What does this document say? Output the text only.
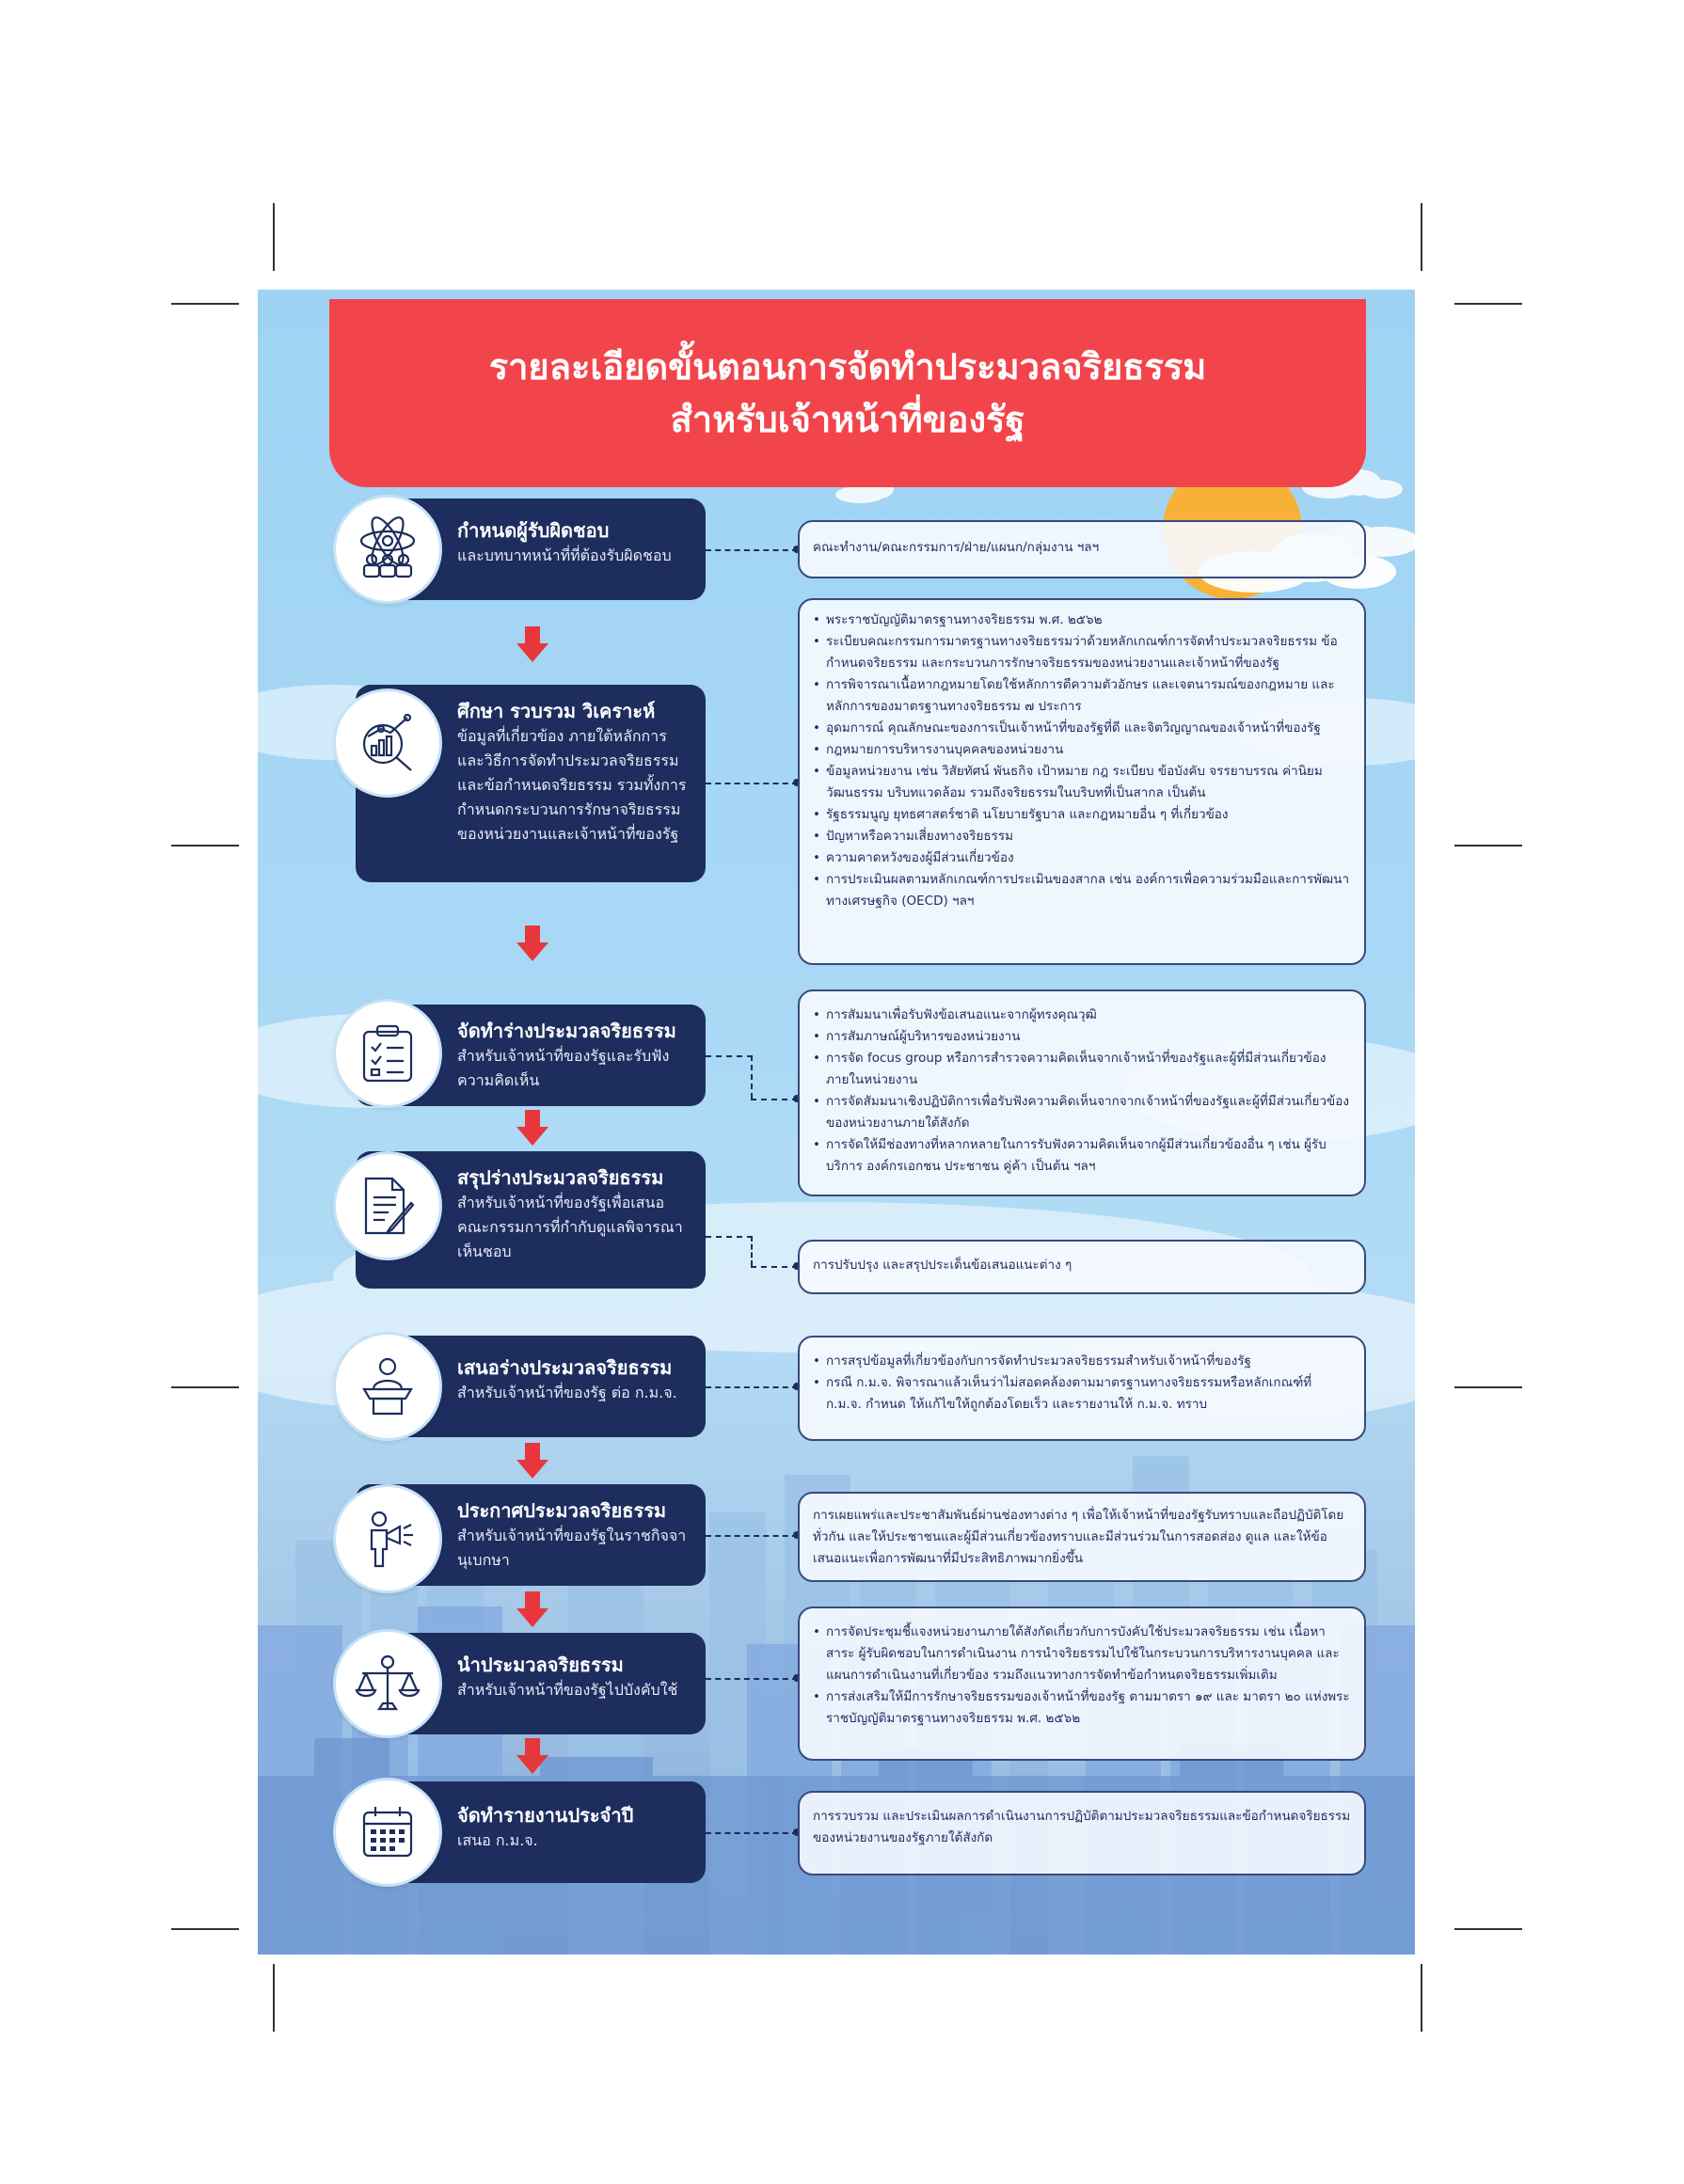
รายละเอียดขั้นตอนการจัดทำประมวลจริยธรรม
สำหรับเจ้าหน้าที่ของรัฐ
กำหนดผู้รับผิดชอบ
และบทบาทหน้าที่ที่ต้องรับผิดชอบ	คณะทำงาน/คณะกรรมการ/ฝ่าย/แผนก/กลุ่มงาน ฯลฯ
ศึกษา รวบรวม วิเคราะห์
ข้อมูลที่เกี่ยวข้อง ภายใต้หลักการและวิธีการจัดทำประมวลจริยธรรมและข้อกำหนดจริยธรรม รวมทั้งการกำหนดกระบวนการรักษาจริยธรรมของหน่วยงานและเจ้าหน้าที่ของรัฐ
• พระราชบัญญัติมาตรฐานทางจริยธรรม พ.ศ. ๒๕๖๒
• ระเบียบคณะกรรมการมาตรฐานทางจริยธรรมว่าด้วยหลักเกณฑ์การจัดทำประมวลจริยธรรม ข้อกำหนดจริยธรรม และกระบวนการรักษาจริยธรรมของหน่วยงานและเจ้าหน้าที่ของรัฐ
• การพิจารณาเนื้อหากฎหมายโดยใช้หลักการตีความตัวอักษร และเจตนารมณ์ของกฎหมาย และหลักการของมาตรฐานทางจริยธรรม ๗ ประการ
• อุดมการณ์ คุณลักษณะของการเป็นเจ้าหน้าที่ของรัฐที่ดี และจิตวิญญาณของเจ้าหน้าที่ของรัฐ
• กฎหมายการบริหารงานบุคคลของหน่วยงาน
• ข้อมูลหน่วยงาน เช่น วิสัยทัศน์ พันธกิจ เป้าหมาย กฎ ระเบียบ ข้อบังคับ จรรยาบรรณ ค่านิยม วัฒนธรรม บริบทแวดล้อม รวมถึงจริยธรรมในบริบทที่เป็นสากล เป็นต้น
• รัฐธรรมนูญ ยุทธศาสตร์ชาติ นโยบายรัฐบาล และกฎหมายอื่น ๆ ที่เกี่ยวข้อง
• ปัญหาหรือความเสี่ยงทางจริยธรรม
• ความคาดหวังของผู้มีส่วนเกี่ยวข้อง
• การประเมินผลตามหลักเกณฑ์การประเมินของสากล เช่น องค์การเพื่อความร่วมมือและการพัฒนาทางเศรษฐกิจ (OECD) ฯลฯ
จัดทำร่างประมวลจริยธรรม
สำหรับเจ้าหน้าที่ของรัฐและรับฟังความคิดเห็น
• การสัมมนาเพื่อรับฟังข้อเสนอแนะจากผู้ทรงคุณวุฒิ
• การสัมภาษณ์ผู้บริหารของหน่วยงาน
• การจัด focus group หรือการสำรวจความคิดเห็นจากเจ้าหน้าที่ของรัฐและผู้ที่มีส่วนเกี่ยวข้องภายในหน่วยงาน
• การจัดสัมมนาเชิงปฏิบัติการเพื่อรับฟังความคิดเห็นจากจากเจ้าหน้าที่ของรัฐและผู้ที่มีส่วนเกี่ยวข้องของหน่วยงานภายใต้สังกัด
• การจัดให้มีช่องทางที่หลากหลายในการรับฟังความคิดเห็นจากผู้มีส่วนเกี่ยวข้องอื่น ๆ เช่น ผู้รับบริการ องค์กรเอกชน ประชาชน คู่ค้า เป็นต้น ฯลฯ
สรุปร่างประมวลจริยธรรม
สำหรับเจ้าหน้าที่ของรัฐเพื่อเสนอคณะกรรมการที่กำกับดูแลพิจารณาเห็นชอบ
การปรับปรุง และสรุปประเด็นข้อเสนอแนะต่าง ๆ
เสนอร่างประมวลจริยธรรม
สำหรับเจ้าหน้าที่ของรัฐ ต่อ ก.ม.จ.
• การสรุปข้อมูลที่เกี่ยวข้องกับการจัดทำประมวลจริยธรรมสำหรับเจ้าหน้าที่ของรัฐ
• กรณี ก.ม.จ. พิจารณาแล้วเห็นว่าไม่สอดคล้องตามมาตรฐานทางจริยธรรมหรือหลักเกณฑ์ที่ ก.ม.จ. กำหนด ให้แก้ไขให้ถูกต้องโดยเร็ว และรายงานให้ ก.ม.จ. ทราบ
ประกาศประมวลจริยธรรม
สำหรับเจ้าหน้าที่ของรัฐในราชกิจจานุเบกษา
การเผยแพร่และประชาสัมพันธ์ผ่านช่องทางต่าง ๆ เพื่อให้เจ้าหน้าที่ของรัฐรับทราบและถือปฏิบัติโดยทั่วกัน และให้ประชาชนและผู้มีส่วนเกี่ยวข้องทราบและมีส่วนร่วมในการสอดส่อง ดูแล และให้ข้อเสนอแนะเพื่อการพัฒนาที่มีประสิทธิภาพมากยิ่งขึ้น
นำประมวลจริยธรรม
สำหรับเจ้าหน้าที่ของรัฐไปบังคับใช้
• การจัดประชุมชี้แจงหน่วยงานภายใต้สังกัดเกี่ยวกับการบังคับใช้ประมวลจริยธรรม เช่น เนื้อหาสาระ ผู้รับผิดชอบในการดำเนินงาน การนำจริยธรรมไปใช้ในกระบวนการบริหารงานบุคคล และแผนการดำเนินงานที่เกี่ยวข้อง รวมถึงแนวทางการจัดทำข้อกำหนดจริยธรรมเพิ่มเติม
• การส่งเสริมให้มีการรักษาจริยธรรมของเจ้าหน้าที่ของรัฐ ตามมาตรา ๑๙ และ มาตรา ๒๐ แห่งพระราชบัญญัติมาตรฐานทางจริยธรรม พ.ศ. ๒๕๖๒
จัดทำรายงานประจำปี
เสนอ ก.ม.จ.
การรวบรวม และประเมินผลการดำเนินงานการปฏิบัติตามประมวลจริยธรรมและข้อกำหนดจริยธรรมของหน่วยงานของรัฐภายใต้สังกัด
